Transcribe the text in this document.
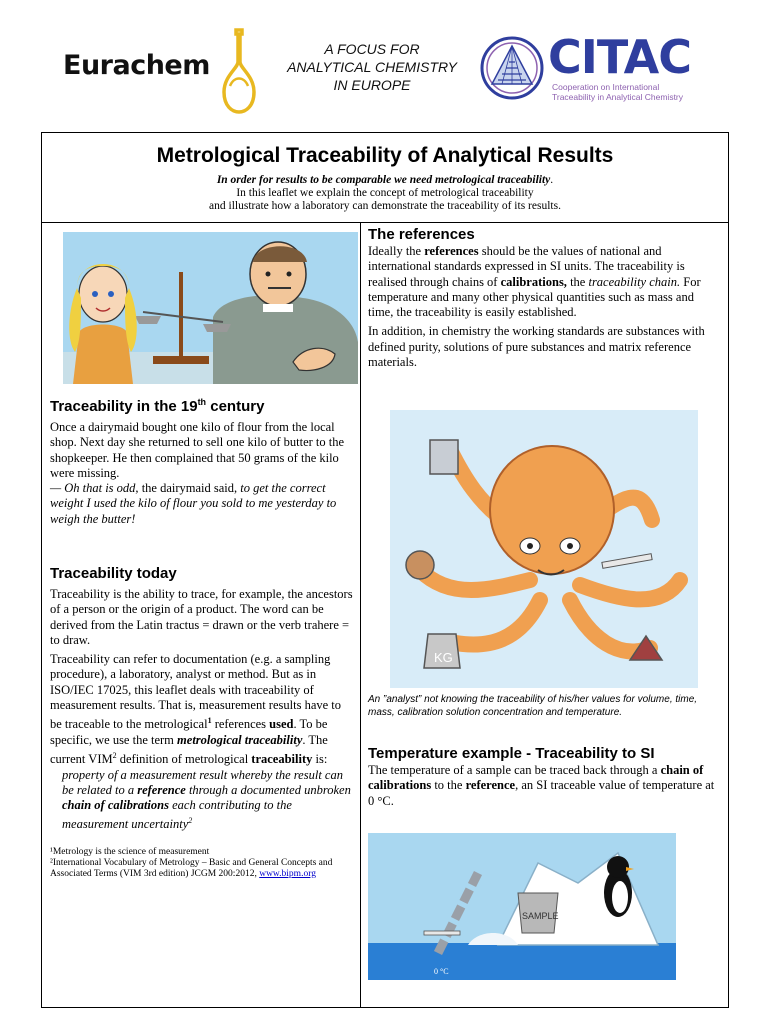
Eurachem
A FOCUS FOR
ANALYTICAL CHEMISTRY
IN EUROPE
CITAC
Cooperation on International
Traceability in Analytical Chemistry
Metrological Traceability of Analytical Results
In order for results to be comparable we need metrological traceability.
In this leaflet we explain the concept of metrological traceability
and illustrate how a laboratory can demonstrate the traceability of its results.
Traceability in the 19th century
Once a dairymaid bought one kilo of flour from the local shop. Next day she returned to sell one kilo of butter to the shopkeeper. He then complained that 50 grams of the kilo were missing.
— Oh that is odd, the dairymaid said, to get the correct weight I used the kilo of flour you sold to me yesterday to weigh the butter!
Traceability today
Traceability is the ability to trace, for example, the ancestors of a person or the origin of a product. The word can be derived from the Latin tractus = drawn or the verb trahere = to draw.
Traceability can refer to documentation (e.g. a sampling procedure), a laboratory, analyst or method. But as in ISO/IEC 17025, this leaflet deals with traceability of measurement results. That is, measurement results have to be traceable to the metrological$^1$ references used. To be specific, we use the term metrological traceability. The current VIM$^2$ definition of metrological traceability is:
property of a measurement result whereby the result can be related to a reference through a documented unbroken chain of calibrations each contributing to the measurement uncertainty$^2$
¹Metrology is the science of measurement
²International Vocabulary of Metrology – Basic and General Concepts and Associated Terms (VIM 3rd edition) JCGM 200:2012, www.bipm.org
The references
Ideally the references should be the values of national and international standards expressed in SI units. The traceability is realised through chains of calibrations, the traceability chain. For temperature and many other physical quantities such as mass and time, the traceability is easily established.
In addition, in chemistry the working standards are substances with defined purity, solutions of pure substances and matrix reference materials.
KG
An ”analyst” not knowing the traceability of his/her values for volume, time, mass, calibration solution concentration and temperature.
Temperature example - Traceability to SI
The temperature of a sample can be traced back through a chain of calibrations to the reference, an SI traceable value of temperature at 0 °C.
SAMPLE
0 °C
